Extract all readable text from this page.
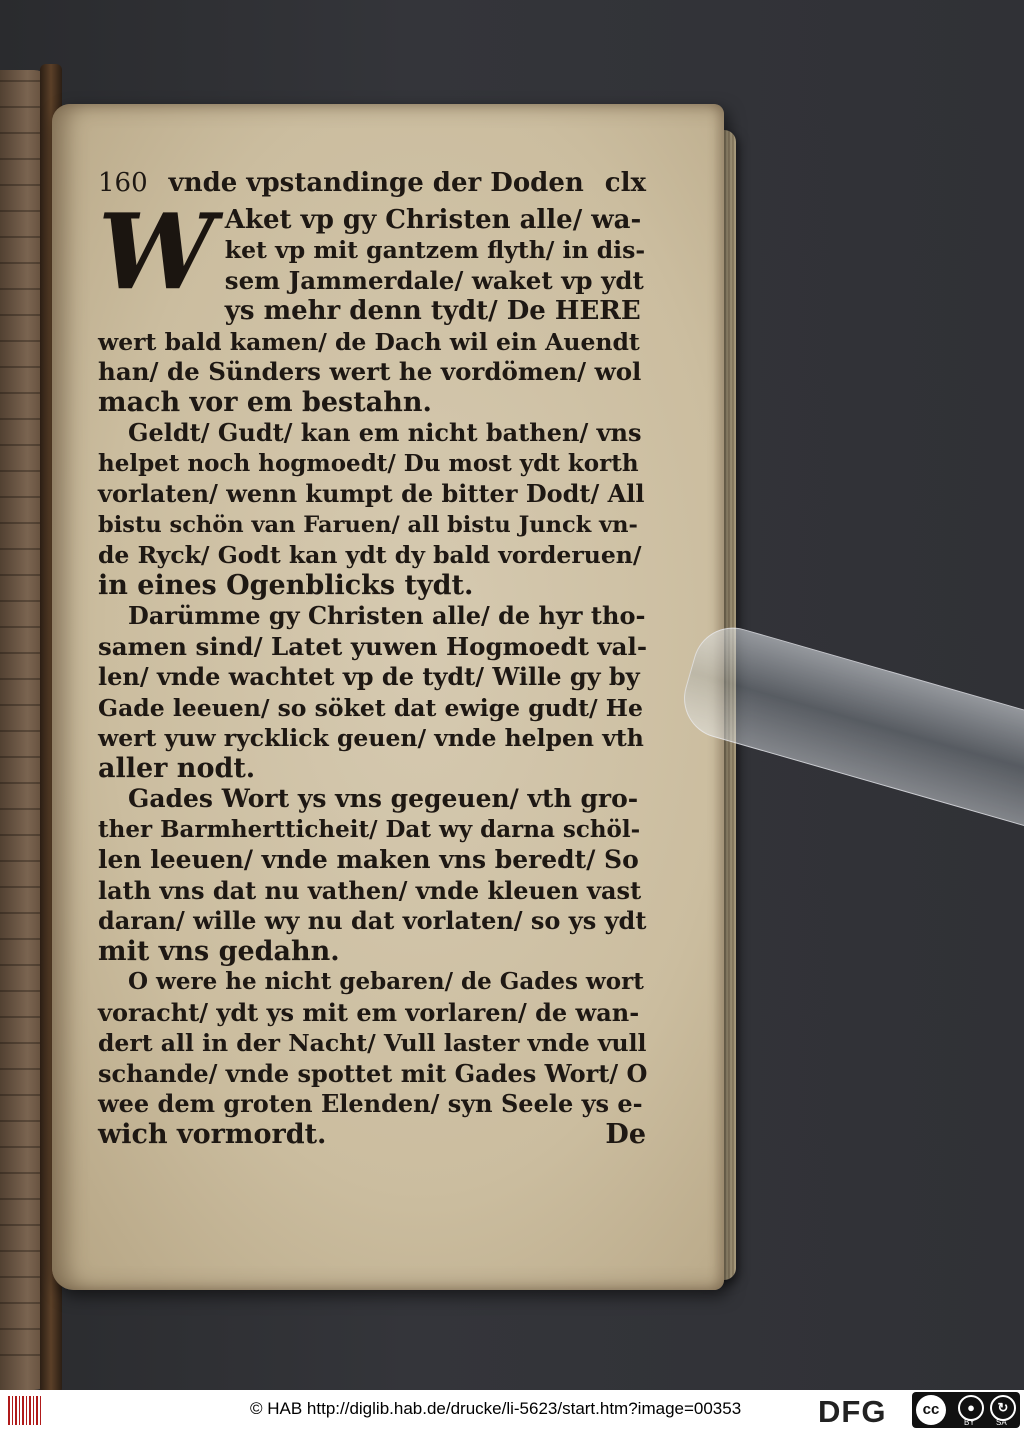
160 vnde vpstandinge der Doden clx

W Aket vp gy Christen alle/ wa-
ket vp mit gantzem flyth/ in dis-
sem Jammerdale/ waket vp ydt
ys mehr denn tydt/ De HERE
wert bald kamen/ de Dach wil ein Auendt
han/ de Sünders wert he vordömen/ wol
mach vor em bestahn.

Geldt/ Gudt/ kan em nicht bathen/ vns
helpet noch hogmoedt/ Du most ydt korth
vorlaten/ wenn kumpt de bitter Dodt/ All
bistu schön van Faruen/ all bistu Junck vn-
de Ryck/ Godt kan ydt dy bald vorderuen/
in eines Ogenblicks tydt.

Darümme gy Christen alle/ de hyr tho-
samen sind/ Latet yuwen Hogmoedt val-
len/ vnde wachtet vp de tydt/ Wille gy by
Gade leeuen/ so söket dat ewige gudt/ He
wert yuw rycklick geuen/ vnde helpen vth
aller nodt.

Gades Wort ys vns gegeuen/ vth gro-
ther Barmhertticheit/ Dat wy darna schöl-
len leeuen/ vnde maken vns beredt/ So
lath vns dat nu vathen/ vnde kleuen vast
daran/ wille wy nu dat vorlaten/ so ys ydt
mit vns gedahn.

O were he nicht gebaren/ de Gades wort
voracht/ ydt ys mit em vorlaren/ de wan-
dert all in der Nacht/ Vull laster vnde vull
schande/ vnde spottet mit Gades Wort/ O
wee dem groten Elenden/ syn Seele ys e-
wich vormordt.	De
© HAB http://diglib.hab.de/drucke/li-5623/start.htm?image=00353 DFG	cc	●	↻
BY	SA
